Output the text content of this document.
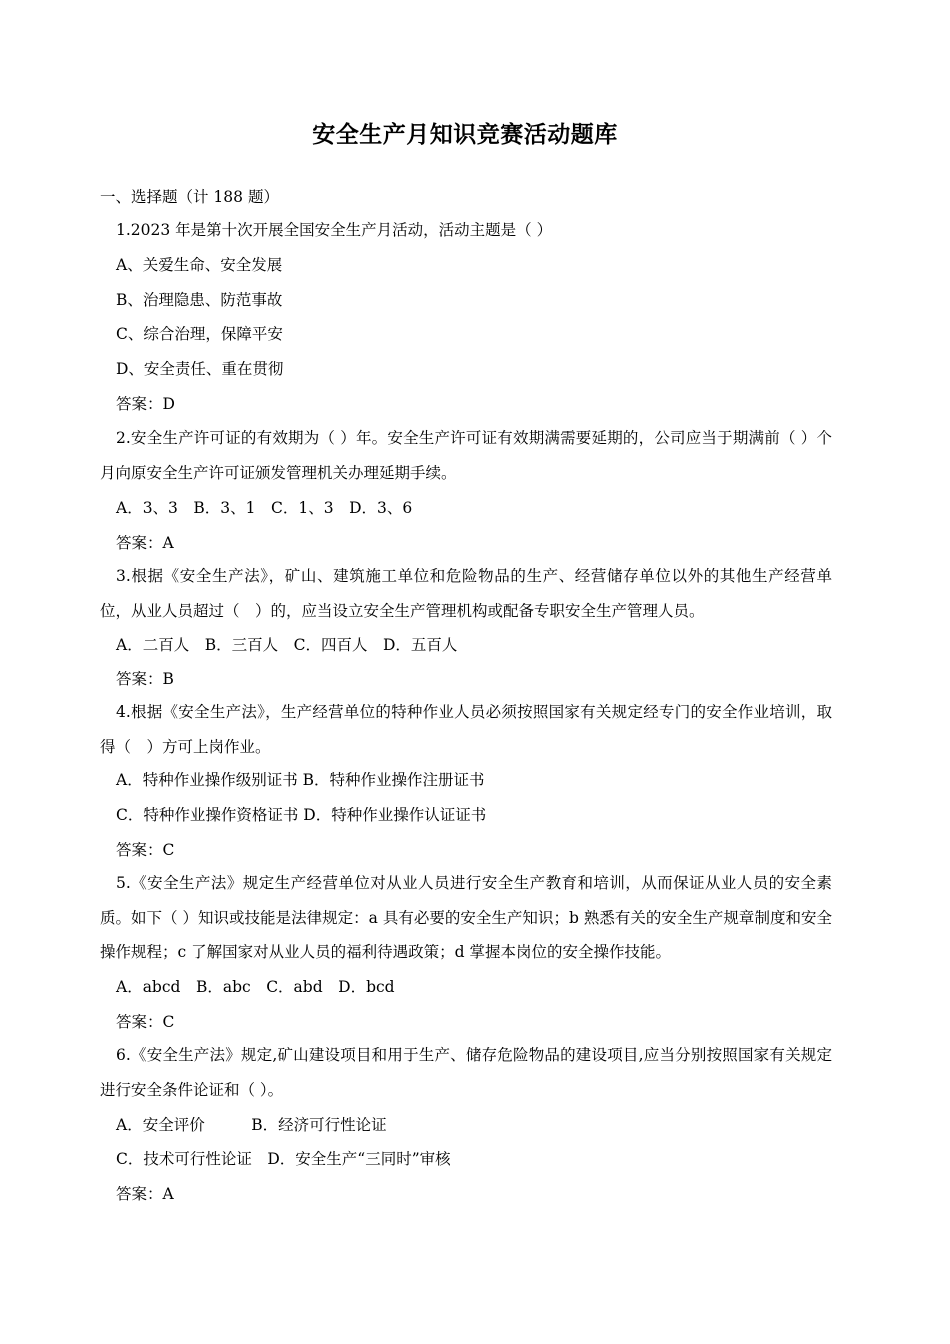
安全生产月知识竞赛活动题库
一、选择题（计 188 题）
1.2023 年是第十次开展全国安全生产月活动，活动主题是（ ）
A、关爱生命、安全发展
B、治理隐患、防范事故
C、综合治理，保障平安
D、安全责任、重在贯彻
答案：D
2.安全生产许可证的有效期为（ ）年。安全生产许可证有效期满需要延期的，公司应当于期满前（ ）个月向原安全生产许可证颁发管理机关办理延期手续。
A．3、3　B．3、1　C．1、3　D．3、6
答案：A
3.根据《安全生产法》，矿山、建筑施工单位和危险物品的生产、经营储存单位以外的其他生产经营单位，从业人员超过（　）的，应当设立安全生产管理机构或配备专职安全生产管理人员。
A．二百人　B．三百人　C．四百人　D．五百人
答案：B
4.根据《安全生产法》，生产经营单位的特种作业人员必须按照国家有关规定经专门的安全作业培训，取得（　）方可上岗作业。
A．特种作业操作级别证书 B．特种作业操作注册证书
C．特种作业操作资格证书 D．特种作业操作认证证书
答案：C
5.《安全生产法》规定生产经营单位对从业人员进行安全生产教育和培训，从而保证从业人员的安全素质。如下（ ）知识或技能是法律规定：a 具有必要的安全生产知识；b 熟悉有关的安全生产规章制度和安全操作规程；c 了解国家对从业人员的福利待遇政策；d 掌握本岗位的安全操作技能。
A．abcd　B．abc　C．abd　D．bcd
答案：C
6.《安全生产法》规定,矿山建设项目和用于生产、储存危险物品的建设项目,应当分别按照国家有关规定进行安全条件论证和（ ）。
A．安全评价　　　B．经济可行性论证
C．技术可行性论证　D．安全生产“三同时”审核
答案：A
